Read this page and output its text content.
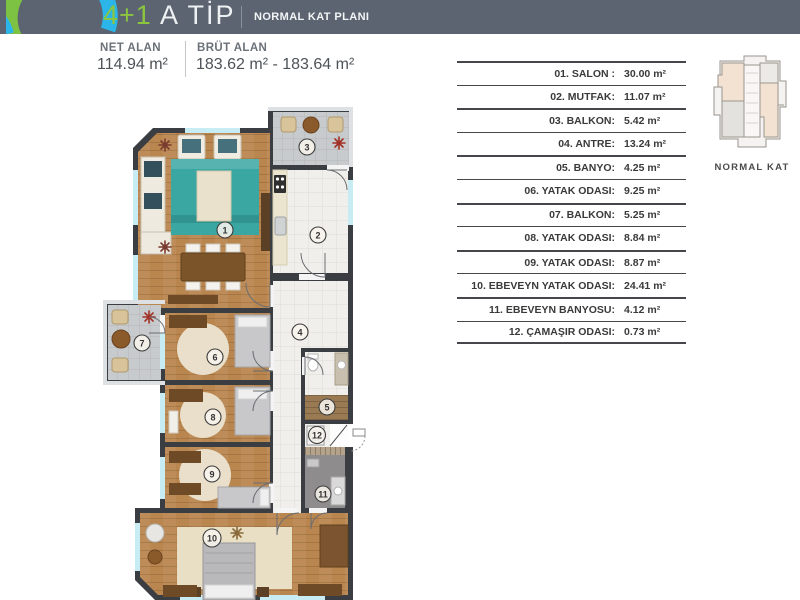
4+1 A TİP NORMAL KAT PLANI
NET ALAN
114.94 m²
BRÜT ALAN
183.62 m² - 183.64 m²
01. SALON : 30.00 m²
02. MUTFAK: 11.07 m²
03. BALKON: 5.42 m²
04. ANTRE: 13.24 m²
05. BANYO: 4.25 m²
06. YATAK ODASI: 9.25 m²
07. BALKON: 5.25 m²
08. YATAK ODASI: 8.84 m²
09. YATAK ODASI: 8.87 m²
10. EBEVEYN YATAK ODASI: 24.41 m²
11. EBEVEYN BANYOSU: 4.12 m²
12. ÇAMAŞIR ODASI: 0.73 m²
NORMAL KAT
1	2
3
4
5
6
7
8
9
10
11
12
